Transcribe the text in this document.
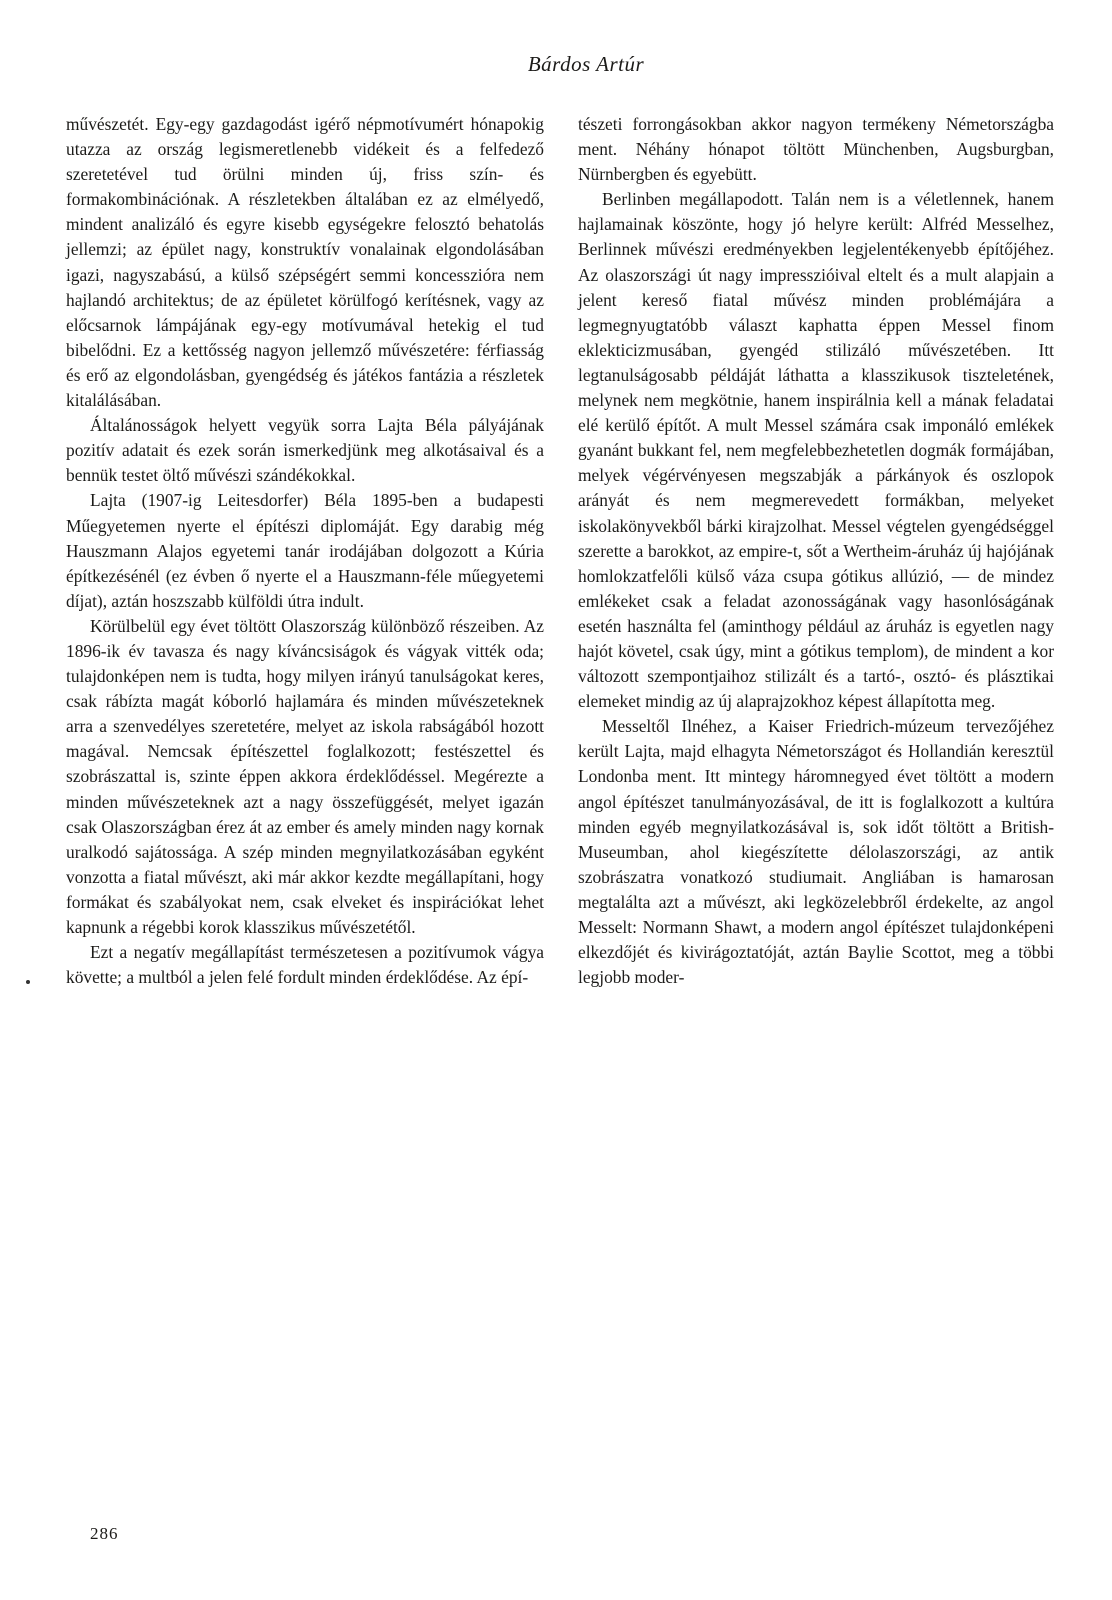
Bárdos Artúr

művészetét. Egy-egy gazdagodást igérő népmotívumért hónapokig utazza az ország legismeretlenebb vidékeit és a felfedező szeretetével tud örülni minden új, friss szín- és formakombinációnak. A részletekben általában ez az elmélyedő, mindent analizáló és egyre kisebb egységekre felosztó behatolás jellemzi; az épület nagy, konstruktív vonalainak elgondolásában igazi, nagyszabású, a külső szépségért semmi koncesszióra nem hajlandó architektus; de az épületet körülfogó kerítésnek, vagy az előcsarnok lámpájának egy-egy motívumával hetekig el tud bibelődni. Ez a kettősség nagyon jellemző művészetére: férfiasság és erő az elgondolásban, gyengédség és játékos fantázia a részletek kitalálásában.

Általánosságok helyett vegyük sorra Lajta Béla pályájának pozitív adatait és ezek során ismerkedjünk meg alkotásaival és a bennük testet öltő művészi szándékokkal.

Lajta (1907-ig Leitesdorfer) Béla 1895-ben a budapesti Műegyetemen nyerte el építészi diplomáját. Egy darabig még Hauszmann Alajos egyetemi tanár irodájában dolgozott a Kúria építkezésénél (ez évben ő nyerte el a Hauszmann-féle műegyetemi díjat), aztán hoszszabb külföldi útra indult.

Körülbelül egy évet töltött Olaszország különböző részeiben. Az 1896-ik év tavasza és nagy kíváncsiságok és vágyak vitték oda; tulajdonképen nem is tudta, hogy milyen irányú tanulságokat keres, csak rábízta magát kóborló hajlamára és minden művészeteknek arra a szenvedélyes szeretetére, melyet az iskola rabságából hozott magával. Nemcsak építészettel foglalkozott; festészettel és szobrászattal is, szinte éppen akkora érdeklődéssel. Megérezte a minden művészeteknek azt a nagy összefüggését, melyet igazán csak Olaszországban érez át az ember és amely minden nagy kornak uralkodó sajátossága. A szép minden megnyilatkozásában egyként vonzotta a fiatal művészt, aki már akkor kezdte megállapítani, hogy formákat és szabályokat nem, csak elveket és inspirációkat lehet kapnunk a régebbi korok klasszikus művészetétől.

Ezt a negatív megállapítást természetesen a pozitívumok vágya követte; a multból a jelen felé fordult minden érdeklődése. Az épí-

tészeti forrongásokban akkor nagyon termékeny Németországba ment. Néhány hónapot töltött Münchenben, Augsburgban, Nürnbergben és egyebütt.

Berlinben megállapodott. Talán nem is a véletlennek, hanem hajlamainak köszönte, hogy jó helyre került: Alfréd Messelhez, Berlinnek művészi eredményekben legjelentékenyebb építőjéhez. Az olaszországi út nagy impresszióival eltelt és a mult alapjain a jelent kereső fiatal művész minden problémájára a legmegnyugtatóbb választ kaphatta éppen Messel finom eklekticizmusában, gyengéd stilizáló művészetében. Itt legtanulságosabb példáját láthatta a klasszikusok tiszteletének, melynek nem megkötnie, hanem inspirálnia kell a mának feladatai elé kerülő építőt. A mult Messel számára csak imponáló emlékek gyanánt bukkant fel, nem megfelebbezhetetlen dogmák formájában, melyek végérvényesen megszabják a párkányok és oszlopok arányát és nem megmerevedett formákban, melyeket iskolakönyvekből bárki kirajzolhat. Messel végtelen gyengédséggel szerette a barokkot, az empire-t, sőt a Wertheim-áruház új hajójának homlokzatfelőli külső váza csupa gótikus allúzió, — de mindez emlékeket csak a feladat azonosságának vagy hasonlóságának esetén használta fel (aminthogy például az áruház is egyetlen nagy hajót követel, csak úgy, mint a gótikus templom), de mindent a kor változott szempontjaihoz stilizált és a tartó-, osztó- és plásztikai elemeket mindig az új alaprajzokhoz képest állapította meg.

Messeltől Ilnéhez, a Kaiser Friedrich-múzeum tervezőjéhez került Lajta, majd elhagyta Németországot és Hollandián keresztül Londonba ment. Itt mintegy háromnegyed évet töltött a modern angol építészet tanulmányozásával, de itt is foglalkozott a kultúra minden egyéb megnyilatkozásával is, sok időt töltött a British-Museumban, ahol kiegészítette délolaszországi, az antik szobrászatra vonatkozó studiumait. Angliában is hamarosan megtalálta azt a művészt, aki legközelebbről érdekelte, az angol Messelt: Normann Shawt, a modern angol építészet tulajdonképeni elkezdőjét és kivirágoztatóját, aztán Baylie Scottot, meg a többi legjobb moder-

286
